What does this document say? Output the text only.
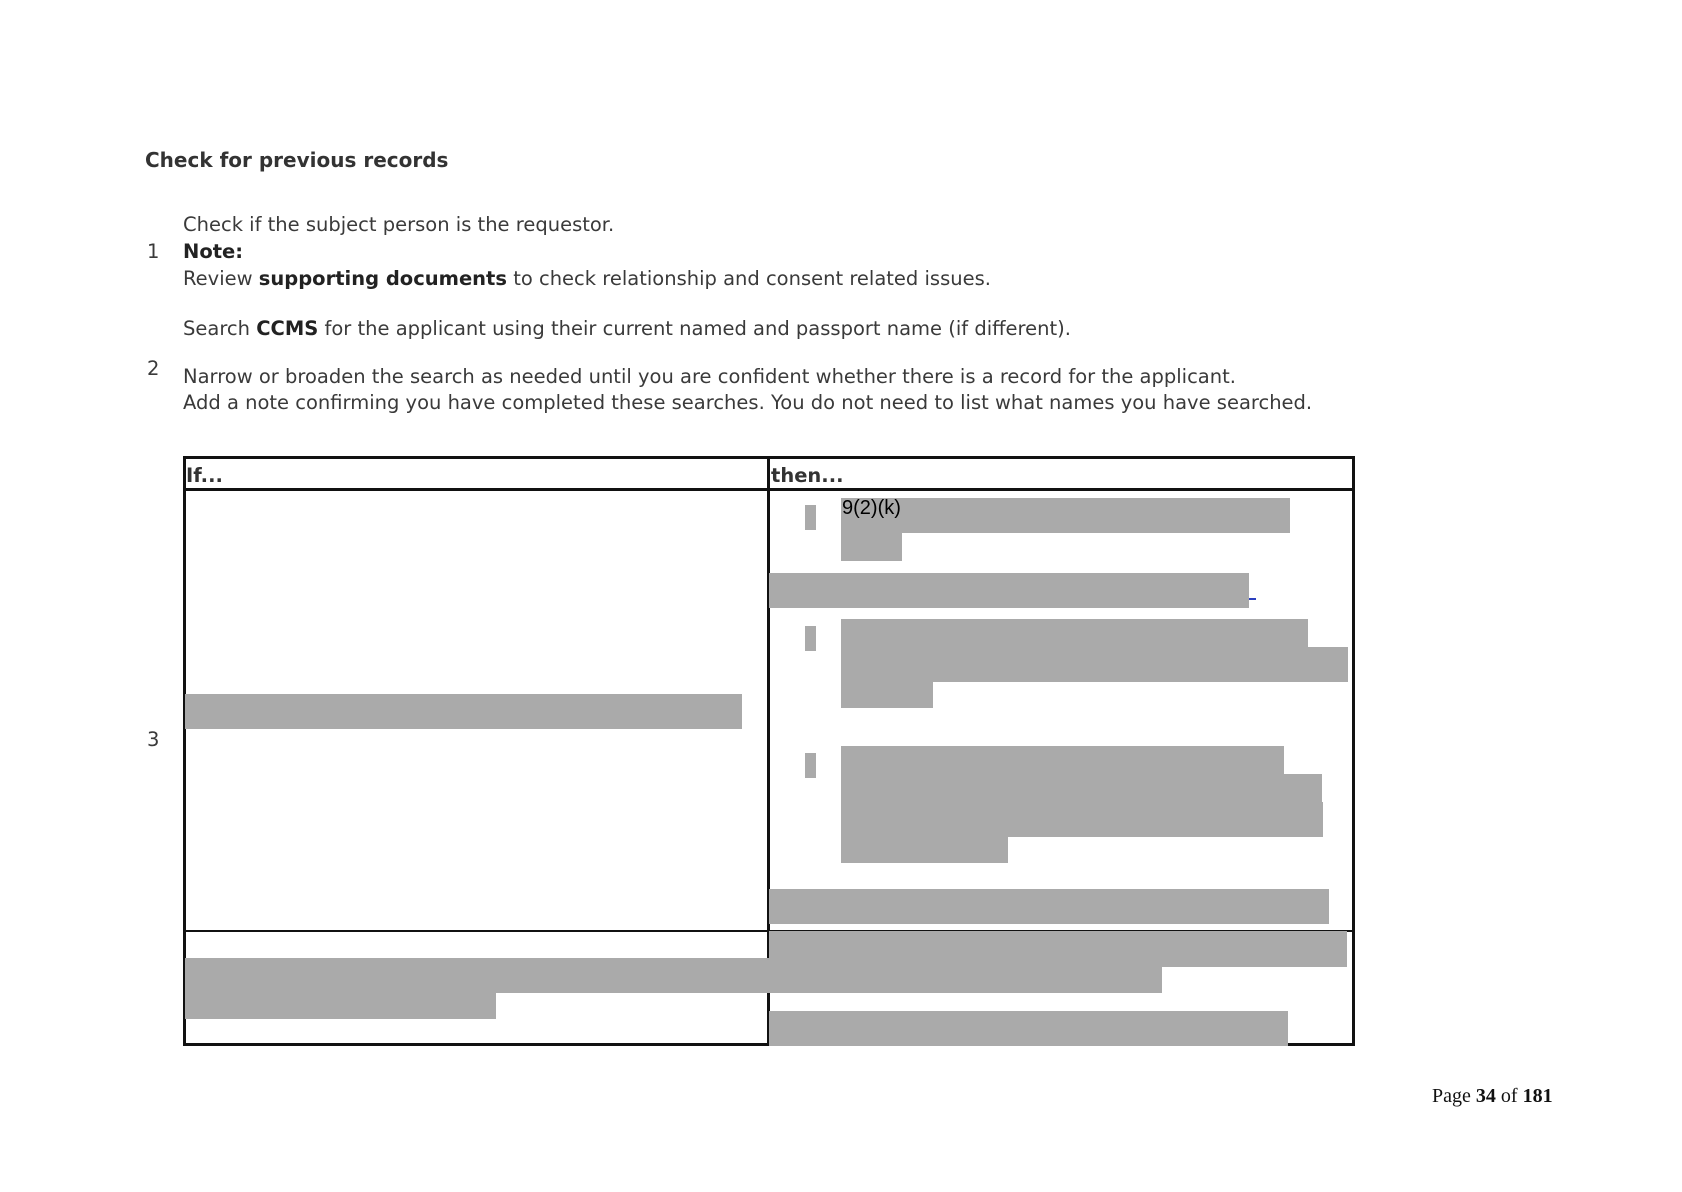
Check for previous records
Check if the subject person is the requestor.
1 Note:
Review supporting documents to check relationship and consent related issues.
Search CCMS for the applicant using their current named and passport name (if different).
2 Narrow or broaden the search as needed until you are confident whether there is a record for the applicant.
Add a note confirming you have completed these searches. You do not need to list what names you have searched.
3
If...	then...
9(2)(k)
Page 34 of 181
